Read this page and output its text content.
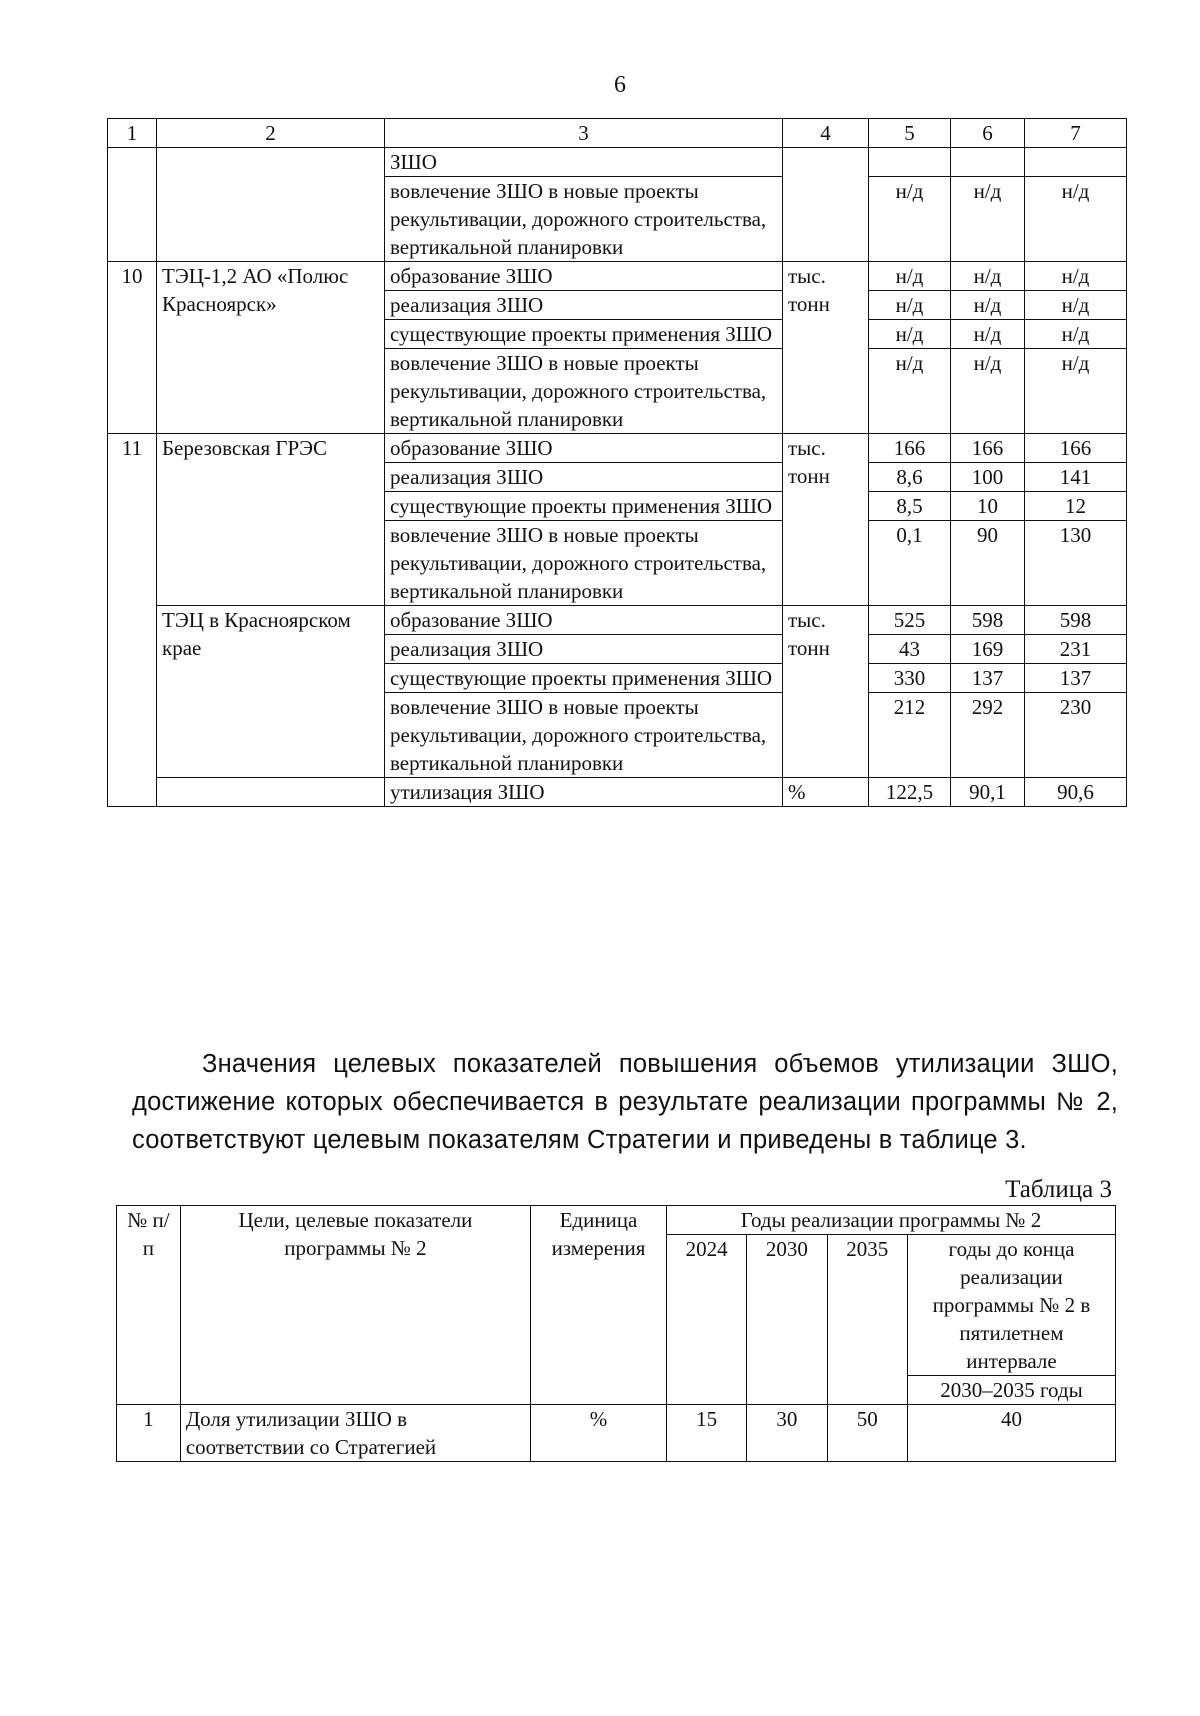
6
1	2	3	4	5	6	7
		ЗШО				
		вовлечение ЗШО в новые проекты рекультивации, дорожного строительства, вертикальной планировки		н/д	н/д	н/д
10	ТЭЦ-1,2 АО «Полюс Красноярск»	образование ЗШО	тыс. тонн	н/д	н/д	н/д
		реализация ЗШО		н/д	н/д	н/д
		существующие проекты применения ЗШО		н/д	н/д	н/д
		вовлечение ЗШО в новые проекты рекультивации, дорожного строительства, вертикальной планировки		н/д	н/д	н/д
11	Березовская ГРЭС	образование ЗШО	тыс. тонн	166	166	166
		реализация ЗШО		8,6	100	141
		существующие проекты применения ЗШО		8,5	10	12
		вовлечение ЗШО в новые проекты рекультивации, дорожного строительства, вертикальной планировки		0,1	90	130
	ТЭЦ в Красноярском крае	образование ЗШО	тыс. тонн	525	598	598
		реализация ЗШО		43	169	231
		существующие проекты применения ЗШО		330	137	137
		вовлечение ЗШО в новые проекты рекультивации, дорожного строительства, вертикальной планировки		212	292	230
		утилизация ЗШО	%	122,5	90,1	90,6
Значения целевых показателей повышения объемов утилизации ЗШО, достижение которых обеспечивается в результате реализации программы № 2, соответствуют целевым показателям Стратегии и приведены в таблице 3.
Таблица 3
№ п/п	Цели, целевые показатели программы № 2	Единица измерения	Годы реализации программы № 2			
			2024	2030	2035	годы до конца реализации программы № 2 в пятилетнем интервале
						2030–2035 годы
1	Доля утилизации ЗШО в соответствии со Стратегией	%	15	30	50	40
